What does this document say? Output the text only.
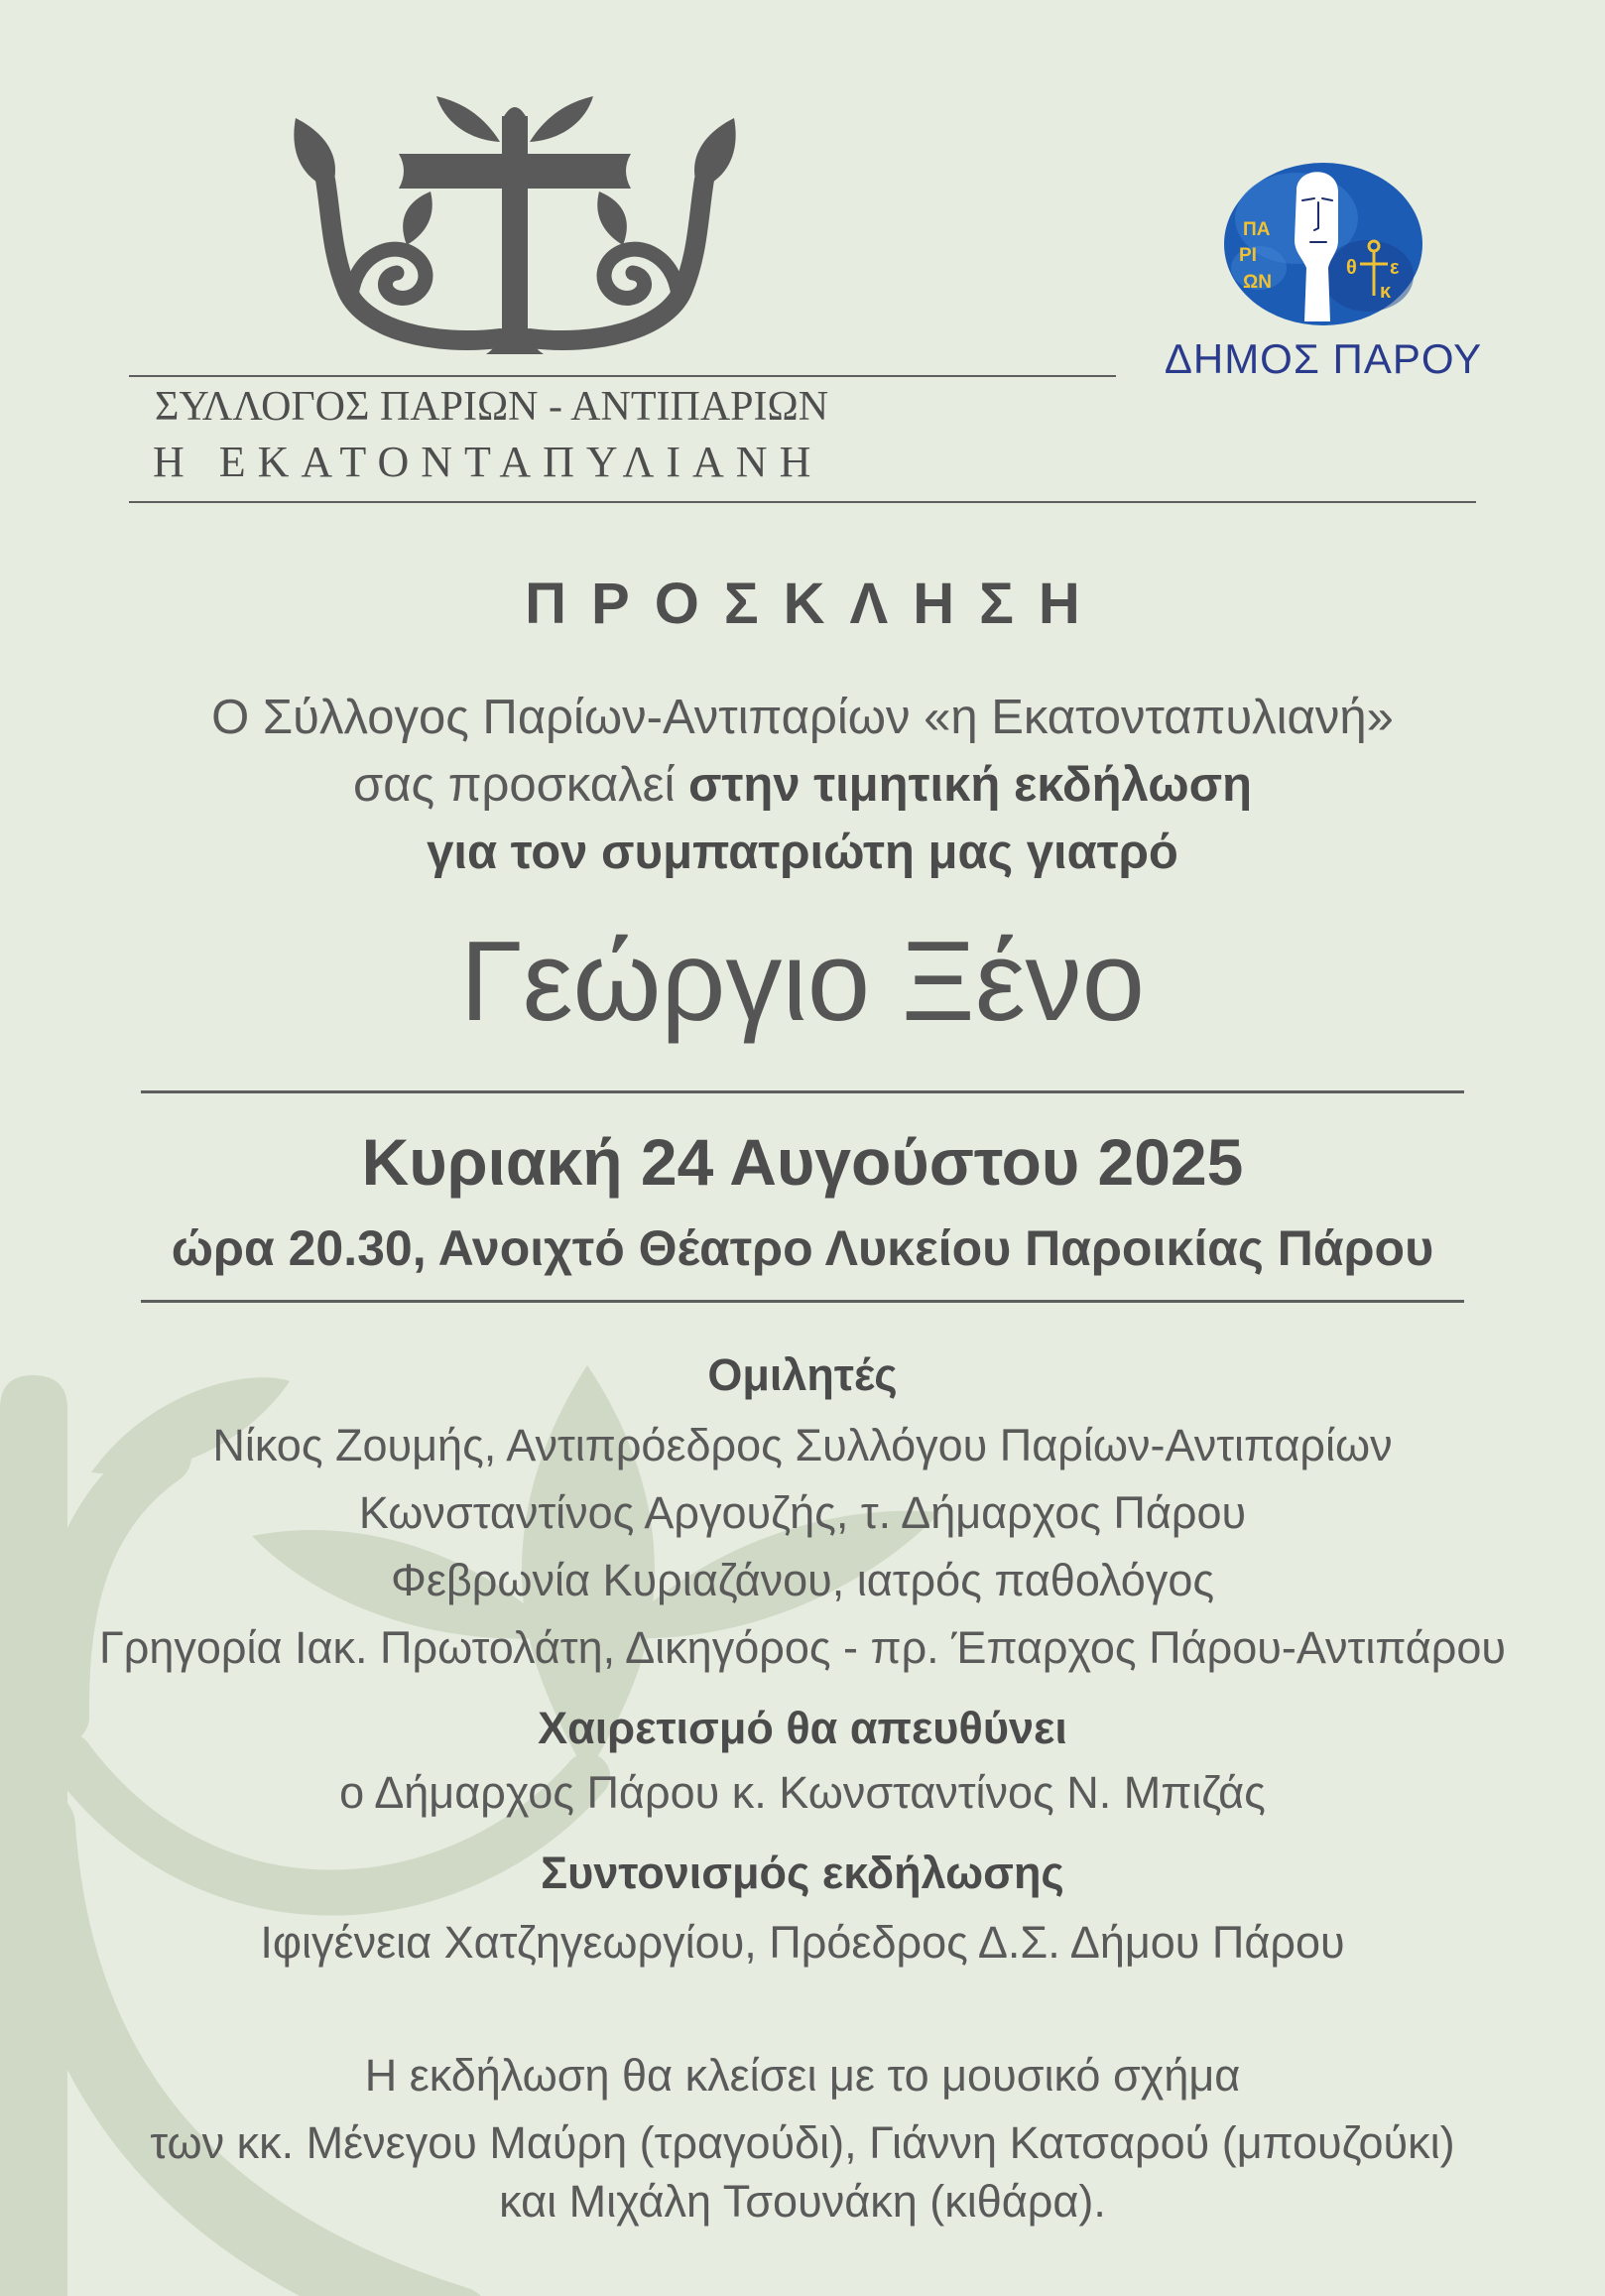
ΠΑ
ΡΙ
ΩΝ
θ ε
κ
ΔΗΜΟΣ ΠΑΡΟΥ
ΣΥΛΛΟΓΟΣ ΠΑΡΙΩΝ - ΑΝΤΙΠΑΡΙΩΝ
Η ΕΚΑΤΟΝΤΑΠΥΛΙΑΝΗ
ΠΡΟΣΚΛΗΣΗ
Ο Σύλλογος Παρίων-Αντιπαρίων «η Εκατονταπυλιανή»
σας προσκαλεί στην τιμητική εκδήλωση
για τον συμπατριώτη μας γιατρό
Γεώργιο Ξένο
Κυριακή 24 Αυγούστου 2025
ώρα 20.30, Ανοιχτό Θέατρο Λυκείου Παροικίας Πάρου
Ομιλητές
Νίκος Ζουμής, Αντιπρόεδρος Συλλόγου Παρίων-Αντιπαρίων
Κωνσταντίνος Αργουζής, τ. Δήμαρχος Πάρου
Φεβρωνία Κυριαζάνου, ιατρός παθολόγος
Γρηγορία Ιακ. Πρωτολάτη, Δικηγόρος - πρ. Έπαρχος Πάρου-Αντιπάρου
Χαιρετισμό θα απευθύνει
ο Δήμαρχος Πάρου κ. Κωνσταντίνος Ν. Μπιζάς
Συντονισμός εκδήλωσης
Ιφιγένεια Χατζηγεωργίου, Πρόεδρος Δ.Σ. Δήμου Πάρου
Η εκδήλωση θα κλείσει με το μουσικό σχήμα
των κκ. Μένεγου Μαύρη (τραγούδι), Γιάννη Κατσαρού (μπουζούκι)
και Μιχάλη Τσουνάκη (κιθάρα).
